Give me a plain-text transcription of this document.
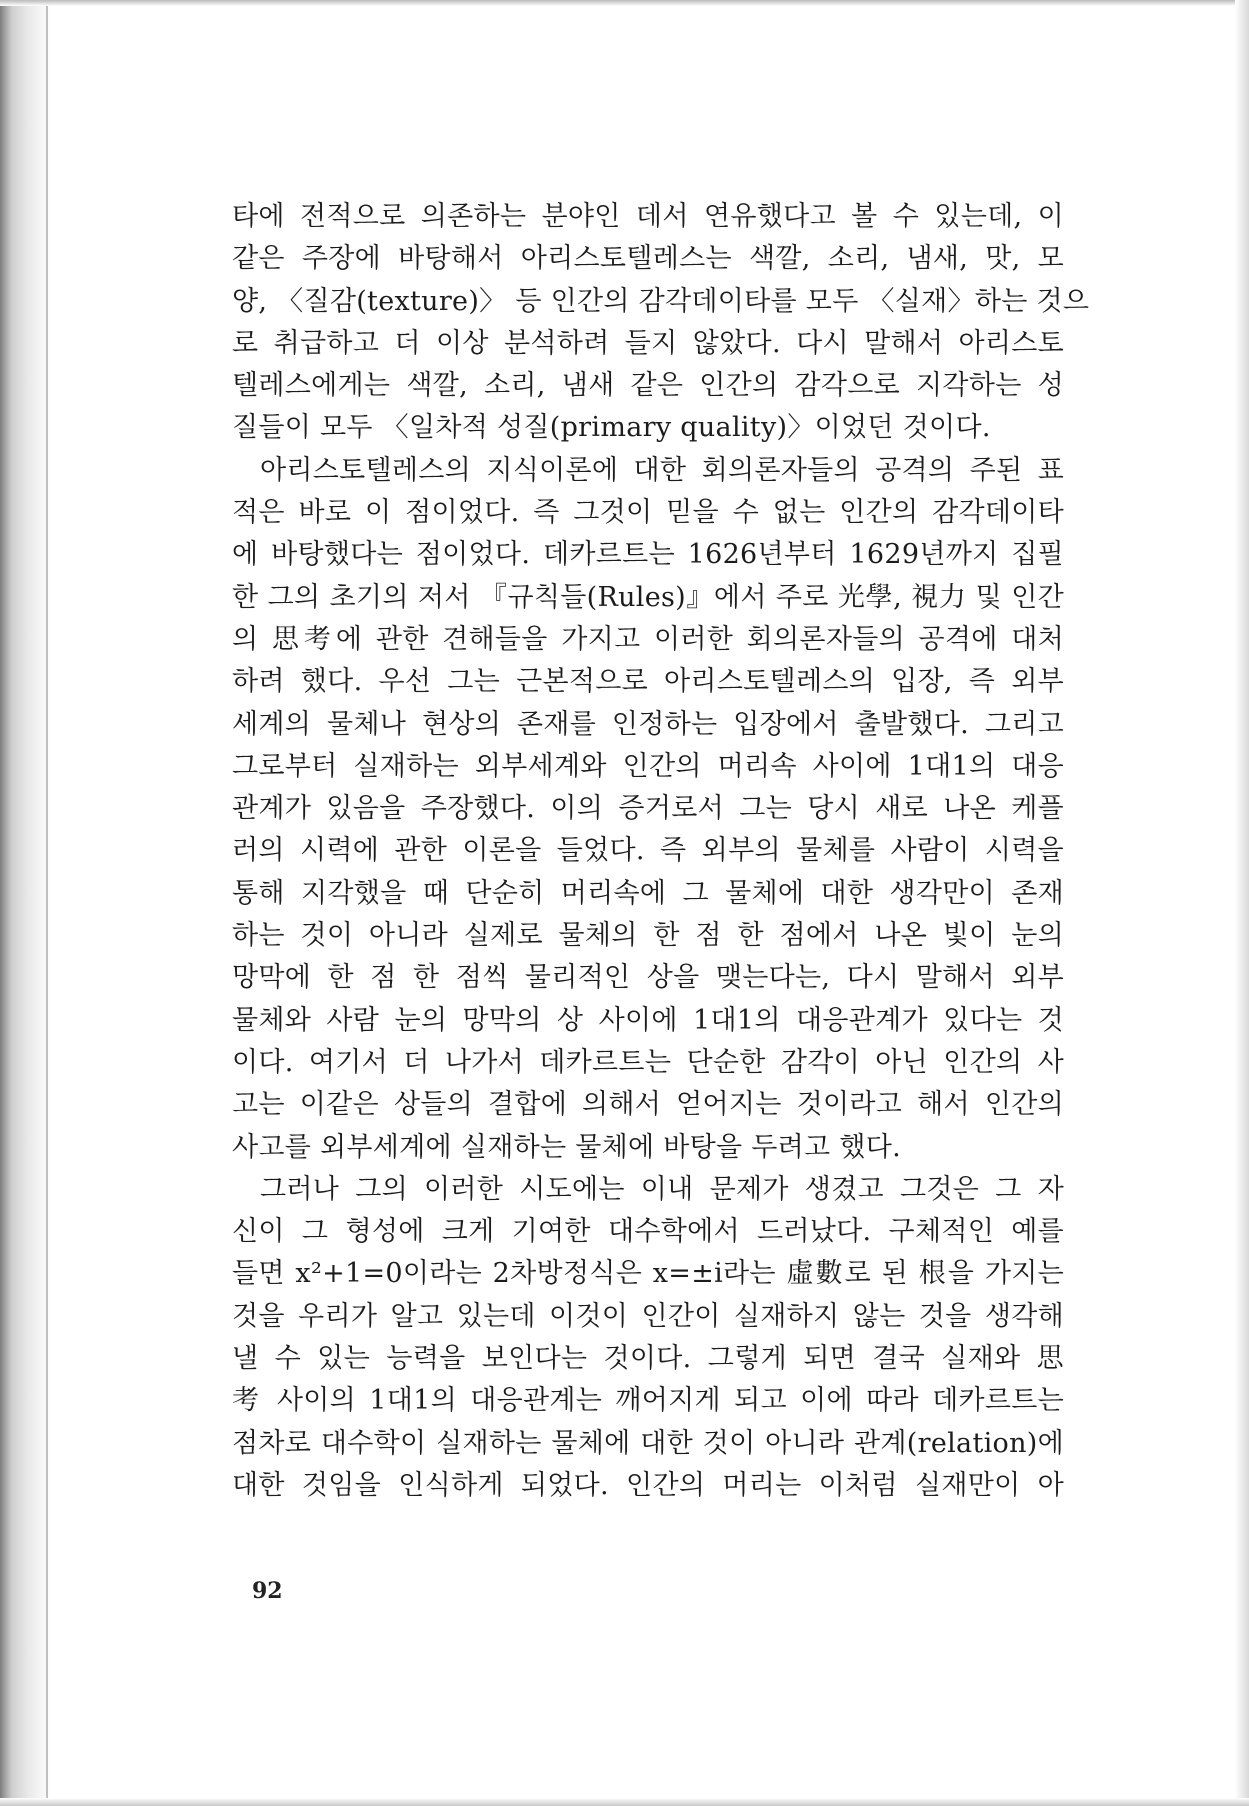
타에 전적으로 의존하는 분야인 데서 연유했다고 볼 수 있는데, 이
같은 주장에 바탕해서 아리스토텔레스는 색깔, 소리, 냄새, 맛, 모
양, 〈질감(texture)〉 등 인간의 감각데이타를 모두 〈실재〉하는 것으
로 취급하고 더 이상 분석하려 들지 않았다. 다시 말해서 아리스토
텔레스에게는 색깔, 소리, 냄새 같은 인간의 감각으로 지각하는 성
질들이 모두 〈일차적 성질(primary quality)〉이었던 것이다.
아리스토텔레스의 지식이론에 대한 회의론자들의 공격의 주된 표
적은 바로 이 점이었다. 즉 그것이 믿을 수 없는 인간의 감각데이타
에 바탕했다는 점이었다. 데카르트는 1626년부터 1629년까지 집필
한 그의 초기의 저서 『규칙들(Rules)』에서 주로 光學, 視力 및 인간
의 思考에 관한 견해들을 가지고 이러한 회의론자들의 공격에 대처
하려 했다. 우선 그는 근본적으로 아리스토텔레스의 입장, 즉 외부
세계의 물체나 현상의 존재를 인정하는 입장에서 출발했다. 그리고
그로부터 실재하는 외부세계와 인간의 머리속 사이에 1대1의 대응
관계가 있음을 주장했다. 이의 증거로서 그는 당시 새로 나온 케플
러의 시력에 관한 이론을 들었다. 즉 외부의 물체를 사람이 시력을
통해 지각했을 때 단순히 머리속에 그 물체에 대한 생각만이 존재
하는 것이 아니라 실제로 물체의 한 점 한 점에서 나온 빛이 눈의
망막에 한 점 한 점씩 물리적인 상을 맺는다는, 다시 말해서 외부
물체와 사람 눈의 망막의 상 사이에 1대1의 대응관계가 있다는 것
이다. 여기서 더 나가서 데카르트는 단순한 감각이 아닌 인간의 사
고는 이같은 상들의 결합에 의해서 얻어지는 것이라고 해서 인간의
사고를 외부세계에 실재하는 물체에 바탕을 두려고 했다.
그러나 그의 이러한 시도에는 이내 문제가 생겼고 그것은 그 자
신이 그 형성에 크게 기여한 대수학에서 드러났다. 구체적인 예를
들면 x²+1=0이라는 2차방정식은 x=±i라는 虛數로 된 根을 가지는
것을 우리가 알고 있는데 이것이 인간이 실재하지 않는 것을 생각해
낼 수 있는 능력을 보인다는 것이다. 그렇게 되면 결국 실재와 思
考 사이의 1대1의 대응관계는 깨어지게 되고 이에 따라 데카르트는
점차로 대수학이 실재하는 물체에 대한 것이 아니라 관계(relation)에
대한 것임을 인식하게 되었다. 인간의 머리는 이처럼 실재만이 아
92
